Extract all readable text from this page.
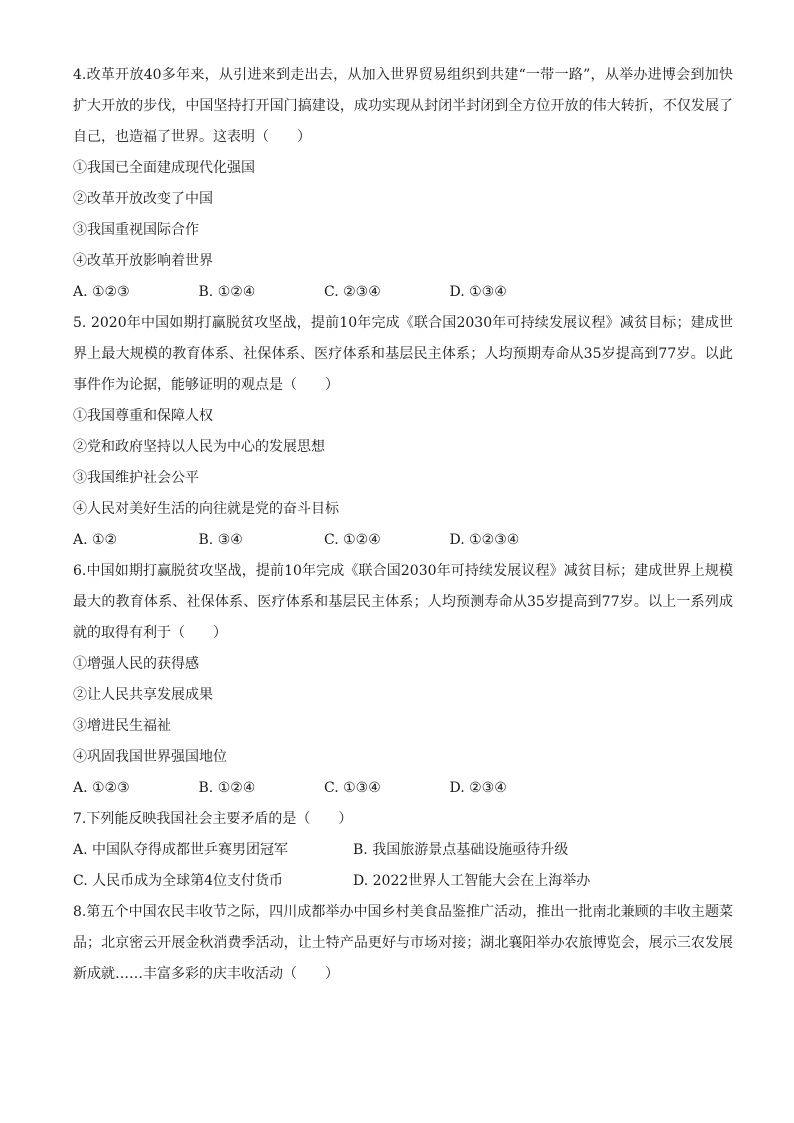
4.改革开放40多年来，从引进来到走出去，从加入世界贸易组织到共建“一带一路”，从举办进博会到加快扩大开放的步伐，中国坚持打开国门搞建设，成功实现从封闭半封闭到全方位开放的伟大转折，不仅发展了自己，也造福了世界。这表明（　　）

①我国已全面建成现代化强国
②改革开放改变了中国
③我国重视国际合作
④改革开放影响着世界
A. ①②③	B. ①②④	C. ②③④	D. ①③④

5. 2020年中国如期打赢脱贫攻坚战，提前10年完成《联合国2030年可持续发展议程》减贫目标；建成世界上最大规模的教育体系、社保体系、医疗体系和基层民主体系；人均预期寿命从35岁提高到77岁。以此事件作为论据，能够证明的观点是（　　）

①我国尊重和保障人权
②党和政府坚持以人民为中心的发展思想
③我国维护社会公平
④人民对美好生活的向往就是党的奋斗目标
A. ①②	B. ③④	C. ①②④	D. ①②③④

6.中国如期打赢脱贫攻坚战，提前10年完成《联合国2030年可持续发展议程》减贫目标；建成世界上规模最大的教育体系、社保体系、医疗体系和基层民主体系；人均预测寿命从35岁提高到77岁。以上一系列成就的取得有利于（　　）

①增强人民的获得感
②让人民共享发展成果
③增进民生福祉
④巩固我国世界强国地位
A. ①②③	B. ①②④	C. ①③④	D. ②③④

7.下列能反映我国社会主要矛盾的是（　　）

A. 中国队夺得成都世乒赛男团冠军	B. 我国旅游景点基础设施亟待升级
C. 人民币成为全球第4位支付货币	D. 2022世界人工智能大会在上海举办

8.第五个中国农民丰收节之际，四川成都举办中国乡村美食品鉴推广活动，推出一批南北兼顾的丰收主题菜品；北京密云开展金秋消费季活动，让土特产品更好与市场对接；湖北襄阳举办农旅博览会，展示三农发展新成就……丰富多彩的庆丰收活动（　　）
